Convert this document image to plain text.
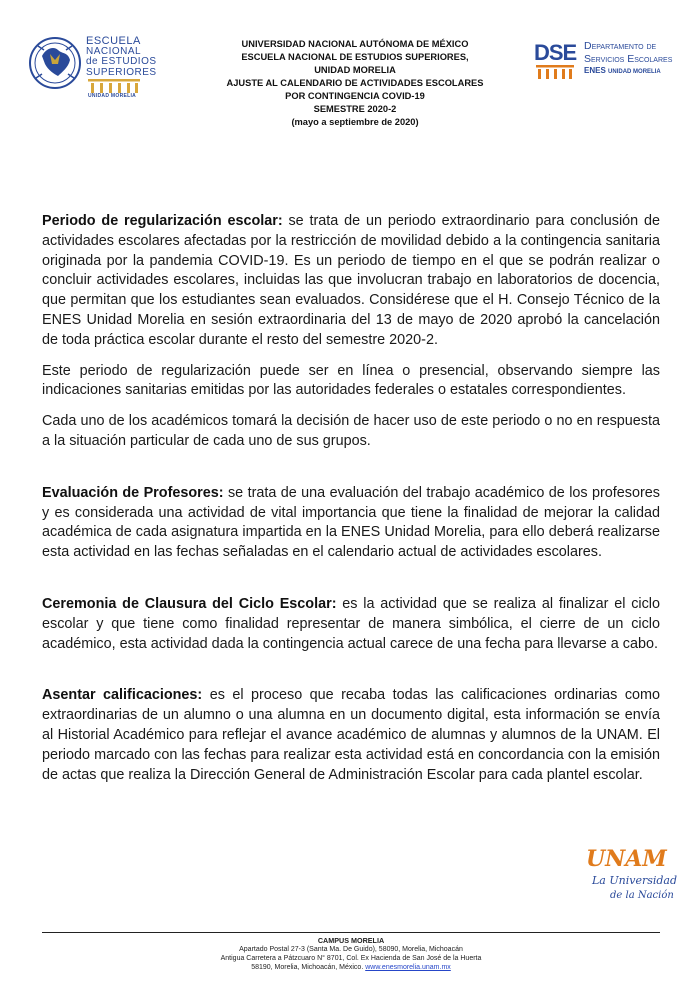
ESCUELA
NACIONAL
de ESTUDIOS
SUPERIORES
UNIDAD MORELIA

UNIVERSIDAD NACIONAL AUTÓNOMA DE MÉXICO

ESCUELA NACIONAL DE ESTUDIOS SUPERIORES,

UNIDAD MORELIA

AJUSTE AL CALENDARIO DE ACTIVIDADES ESCOLARES

POR CONTINGENCIA COVID-19

SEMESTRE 2020-2

(mayo a septiembre de 2020)

DSE Departamento de
Servicios Escolares
ENES UNIDAD MORELIA

Periodo de regularización escolar: se trata de un periodo extraordinario para conclusión de actividades escolares afectadas por la restricción de movilidad debido a la contingencia sanitaria originada por la pandemia COVID-19. Es un periodo de tiempo en el que se podrán realizar o concluir actividades escolares, incluidas las que involucran trabajo en laboratorios de docencia, que permitan que los estudiantes sean evaluados. Considérese que el H. Consejo Técnico de la ENES Unidad Morelia en sesión extraordinaria del 13 de mayo de 2020 aprobó la cancelación de toda práctica escolar durante el resto del semestre 2020-2.

Este periodo de regularización puede ser en línea o presencial, observando siempre las indicaciones sanitarias emitidas por las autoridades federales o estatales correspondientes.

Cada uno de los académicos tomará la decisión de hacer uso de este periodo o no en respuesta a la situación particular de cada uno de sus grupos.

Evaluación de Profesores: se trata de una evaluación del trabajo académico de los profesores y es considerada una actividad de vital importancia que tiene la finalidad de mejorar la calidad académica de cada asignatura impartida en la ENES Unidad Morelia, para ello deberá realizarse esta actividad en las fechas señaladas en el calendario actual de actividades escolares.

Ceremonia de Clausura del Ciclo Escolar: es la actividad que se realiza al finalizar el ciclo escolar y que tiene como finalidad representar de manera simbólica, el cierre de un ciclo académico, esta actividad dada la contingencia actual carece de una fecha para llevarse a cabo.

Asentar calificaciones: es el proceso que recaba todas las calificaciones ordinarias como extraordinarias de un alumno o una alumna en un documento digital, esta información se envía al Historial Académico para reflejar el avance académico de alumnas y alumnos de la UNAM. El periodo marcado con las fechas para realizar esta actividad está en concordancia con la emisión de actas que realiza la Dirección General de Administración Escolar para cada plantel escolar.

UNAM
La Universidad
de la Nación
CAMPUS MORELIA
Apartado Postal 27-3 (Santa Ma. De Guido), 58090, Morelia, Michoacán
Antigua Carretera a Pátzcuaro N° 8701, Col. Ex Hacienda de San José de la Huerta
58190, Morelia, Michoacán, México. www.enesmorelia.unam.mx
